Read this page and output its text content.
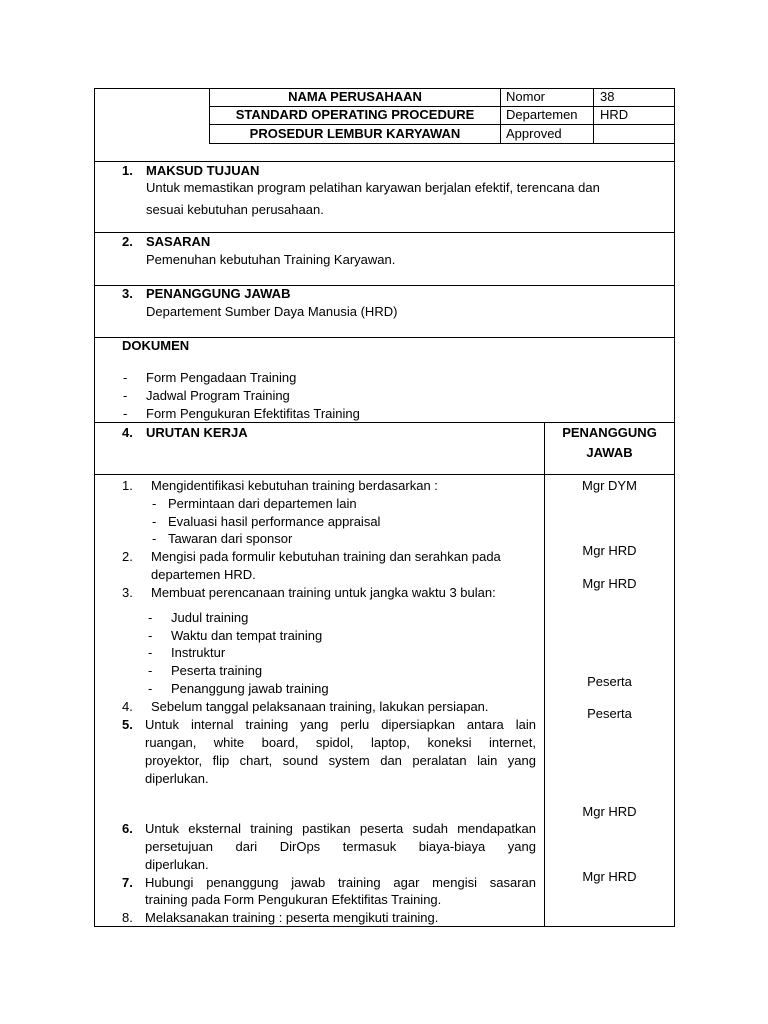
NAMA PERUSAHAAN
STANDARD OPERATING PROCEDURE
PROSEDUR LEMBUR KARYAWAN
Nomor
Departemen
Approved
38
HRD
1. MAKSUD TUJUAN
Untuk memastikan program pelatihan karyawan berjalan efektif, terencana dan
sesuai kebutuhan perusahaan.
2. SASARAN
Pemenuhan kebutuhan Training Karyawan.
3. PENANGGUNG JAWAB
Departement Sumber Daya Manusia (HRD)
DOKUMEN
- Form Pengadaan Training
- Jadwal Program Training
- Form Pengukuran Efektifitas Training
4. URUTAN KERJA	PENANGGUNG
JAWAB
1. Mengidentifikasi kebutuhan training berdasarkan :
- Permintaan dari departemen lain
- Evaluasi hasil performance appraisal
- Tawaran dari sponsor
2. Mengisi pada formulir kebutuhan training dan serahkan pada
departemen HRD.
3. Membuat perencanaan training untuk jangka waktu 3 bulan:
- Judul training
- Waktu dan tempat training
- Instruktur
- Peserta training
- Penanggung jawab training
4. Sebelum tanggal pelaksanaan training, lakukan persiapan.
5. Untuk internal training yang perlu dipersiapkan antara lain
ruangan, white board, spidol, laptop, koneksi internet,
proyektor, flip chart, sound system dan peralatan lain yang
diperlukan.
6. Untuk eksternal training pastikan peserta sudah mendapatkan
persetujuan dari DirOps termasuk biaya-biaya yang
diperlukan.
7. Hubungi penanggung jawab training agar mengisi sasaran
training pada Form Pengukuran Efektifitas Training.
8. Melaksanakan training : peserta mengikuti training.
Mgr DYM
Mgr HRD
Mgr HRD
Peserta
Peserta
Mgr HRD
Mgr HRD
